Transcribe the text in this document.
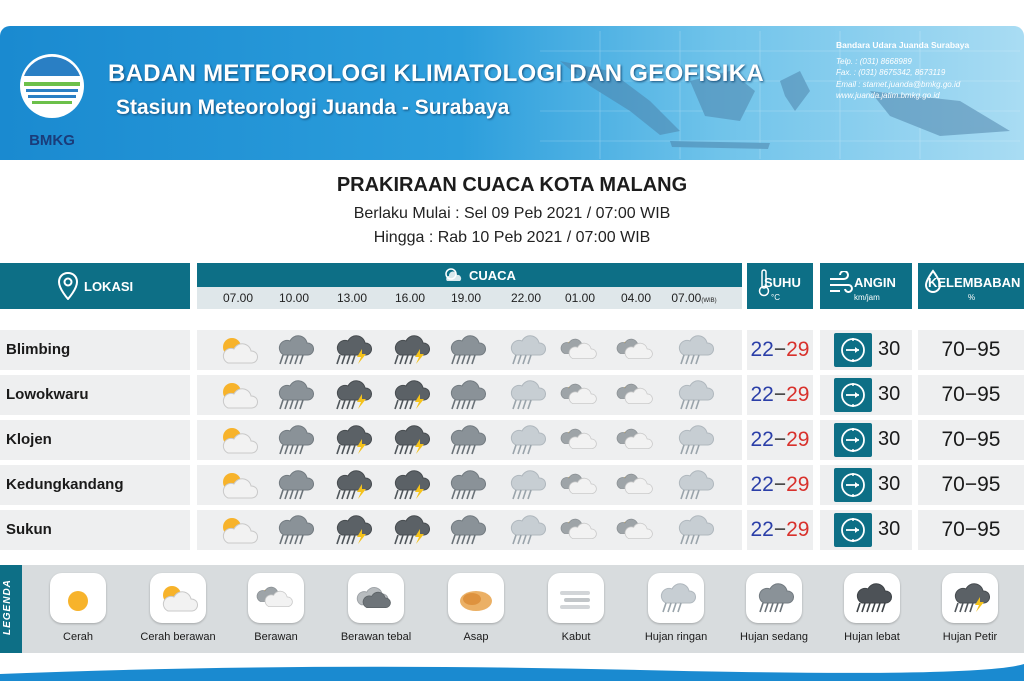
BMKG
BADAN METEOROLOGI KLIMATOLOGI DAN GEOFISIKA
Stasiun Meteorologi Juanda - Surabaya
Bandara Udara Juanda Surabaya
Telp. : (031) 8668989
Fax. : (031) 8675342, 8673119
Email : stamet.juanda@bmkg.go.id
www.juanda.jatim.bmkg.go.id
PRAKIRAAN CUACA KOTA MALANG
Berlaku Mulai : Sel 09 Peb 2021 / 07:00 WIB
Hingga : Rab 10 Peb 2021 / 07:00 WIB
LOKASI
CUACA
07.00	10.00	13.00	16.00	19.00	22.00	01.00	04.00	07.00(WIB)
SUHU
°C
ANGIN
km/jam
KELEMBABAN
%
Blimbing	22−29	30	70−95
Lowokwaru	22−29	30	70−95
Klojen	22−29	30	70−95
Kedungkandang	22−29	30	70−95
Sukun	22−29	30	70−95
LEGENDA
Cerah	Cerah berawan	Berawan	Berawan tebal	Asap	Kabut	Hujan ringan	Hujan sedang	Hujan lebat	Hujan Petir
